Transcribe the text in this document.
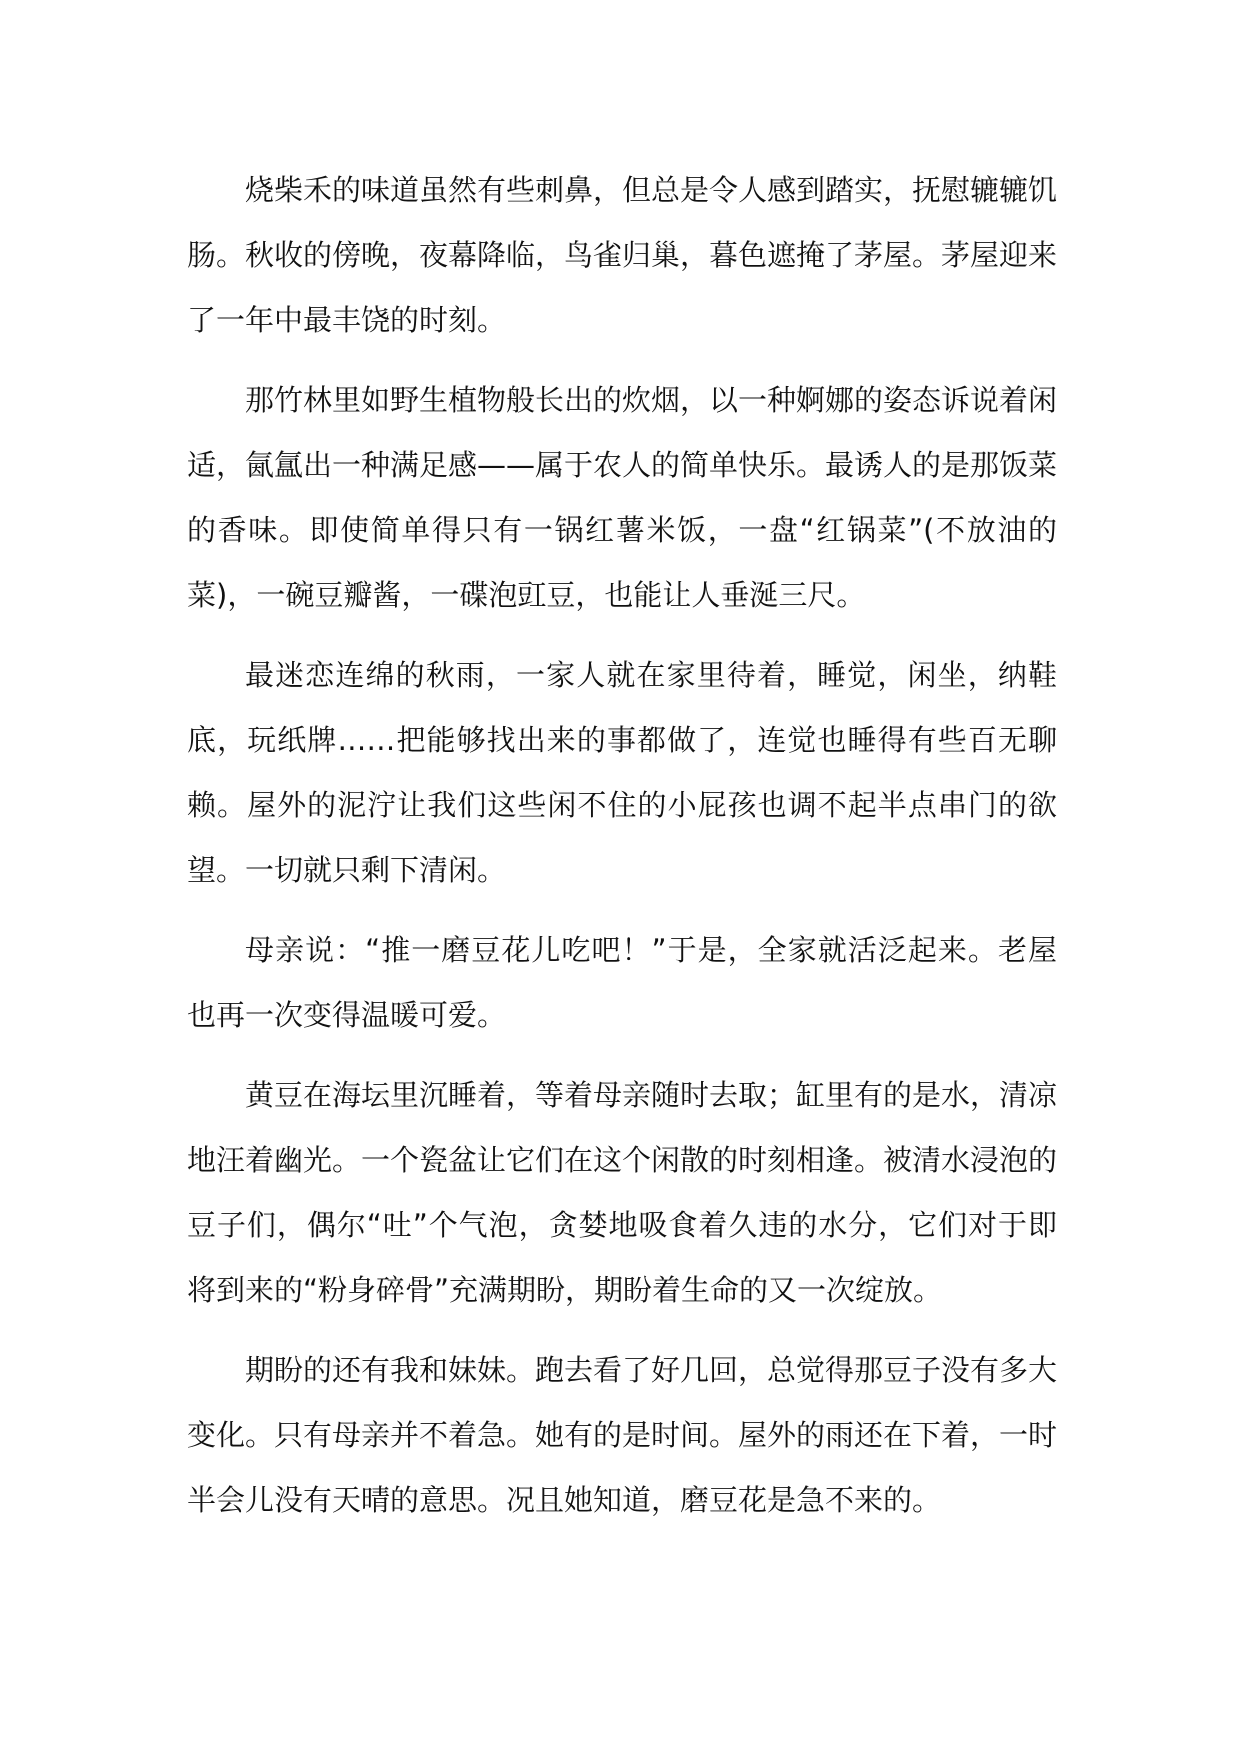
烧柴禾的味道虽然有些刺鼻，但总是令人感到踏实，抚慰辘辘饥肠。秋收的傍晚，夜幕降临，鸟雀归巢，暮色遮掩了茅屋。茅屋迎来了一年中最丰饶的时刻。

那竹林里如野生植物般长出的炊烟，以一种婀娜的姿态诉说着闲适，氤氲出一种满足感——属于农人的简单快乐。最诱人的是那饭菜的香味。即使简单得只有一锅红薯米饭，一盘“红锅菜”(不放油的菜)，一碗豆瓣酱，一碟泡豇豆，也能让人垂涎三尺。

最迷恋连绵的秋雨，一家人就在家里待着，睡觉，闲坐，纳鞋底，玩纸牌……把能够找出来的事都做了，连觉也睡得有些百无聊赖。屋外的泥泞让我们这些闲不住的小屁孩也调不起半点串门的欲望。一切就只剩下清闲。

母亲说：“推一磨豆花儿吃吧！”于是，全家就活泛起来。老屋也再一次变得温暖可爱。

黄豆在海坛里沉睡着，等着母亲随时去取；缸里有的是水，清凉地汪着幽光。一个瓷盆让它们在这个闲散的时刻相逢。被清水浸泡的豆子们，偶尔“吐”个气泡，贪婪地吸食着久违的水分，它们对于即将到来的“粉身碎骨”充满期盼，期盼着生命的又一次绽放。

期盼的还有我和妹妹。跑去看了好几回，总觉得那豆子没有多大变化。只有母亲并不着急。她有的是时间。屋外的雨还在下着，一时半会儿没有天晴的意思。况且她知道，磨豆花是急不来的。
